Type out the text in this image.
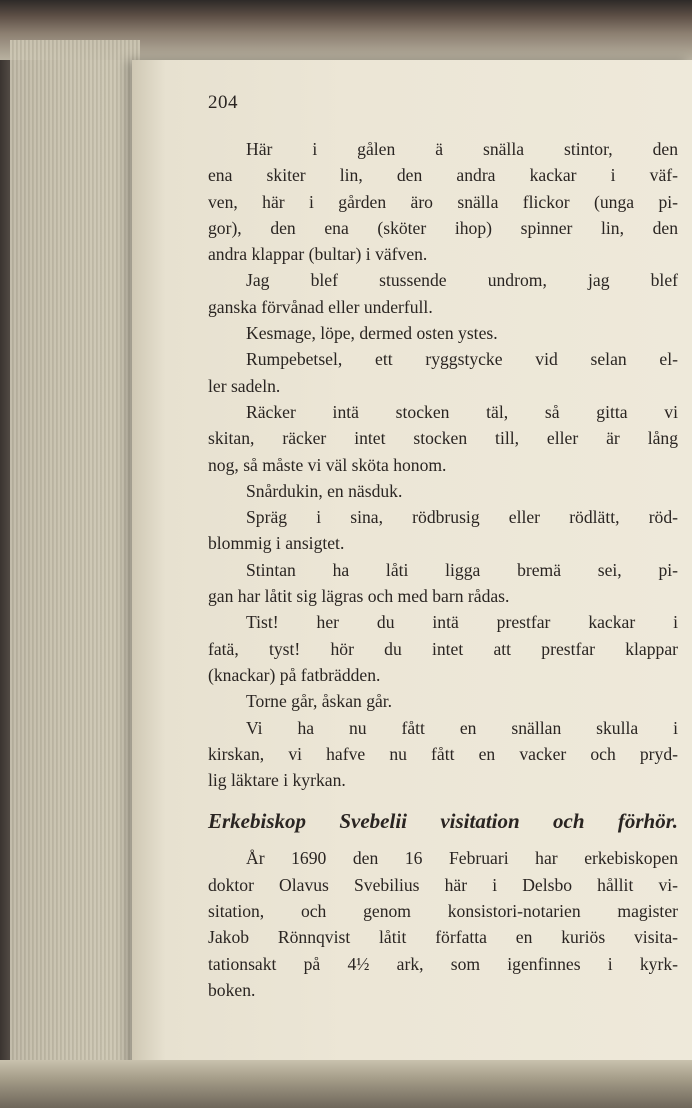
204
Här i gålen ä snälla stintor, den
ena skiter lin, den andra kackar i väf-
ven, här i gården äro snälla flickor (unga pi-
gor), den ena (sköter ihop) spinner lin, den
andra klappar (bultar) i väfven.
Jag blef stussende undrom, jag blef
ganska förvånad eller underfull.
Kesmage, löpe, dermed osten ystes.
Rumpebetsel, ett ryggstycke vid selan el-
ler sadeln.
Räcker intä stocken täl, så gitta vi
skitan, räcker intet stocken till, eller är lång
nog, så måste vi väl sköta honom.
Snårdukin, en näsduk.
Spräg i sina, rödbrusig eller rödlätt, röd-
blommig i ansigtet.
Stintan ha låti ligga bremä sei, pi-
gan har låtit sig lägras och med barn rådas.
Tist! her du intä prestfar kackar i
fatä, tyst! hör du intet att prestfar klappar
(knackar) på fatbrädden.
Torne går, åskan går.
Vi ha nu fått en snällan skulla i
kirskan, vi hafve nu fått en vacker och pryd-
lig läktare i kyrkan.
Erkebiskop Svebelii visitation och förhör.
År 1690 den 16 Februari har erkebiskopen
doktor Olavus Svebilius här i Delsbo hållit vi-
sitation, och genom konsistori-notarien magister
Jakob Rönnqvist låtit författa en kuriös visita-
tationsakt på 4½ ark, som igenfinnes i kyrk-
boken.
